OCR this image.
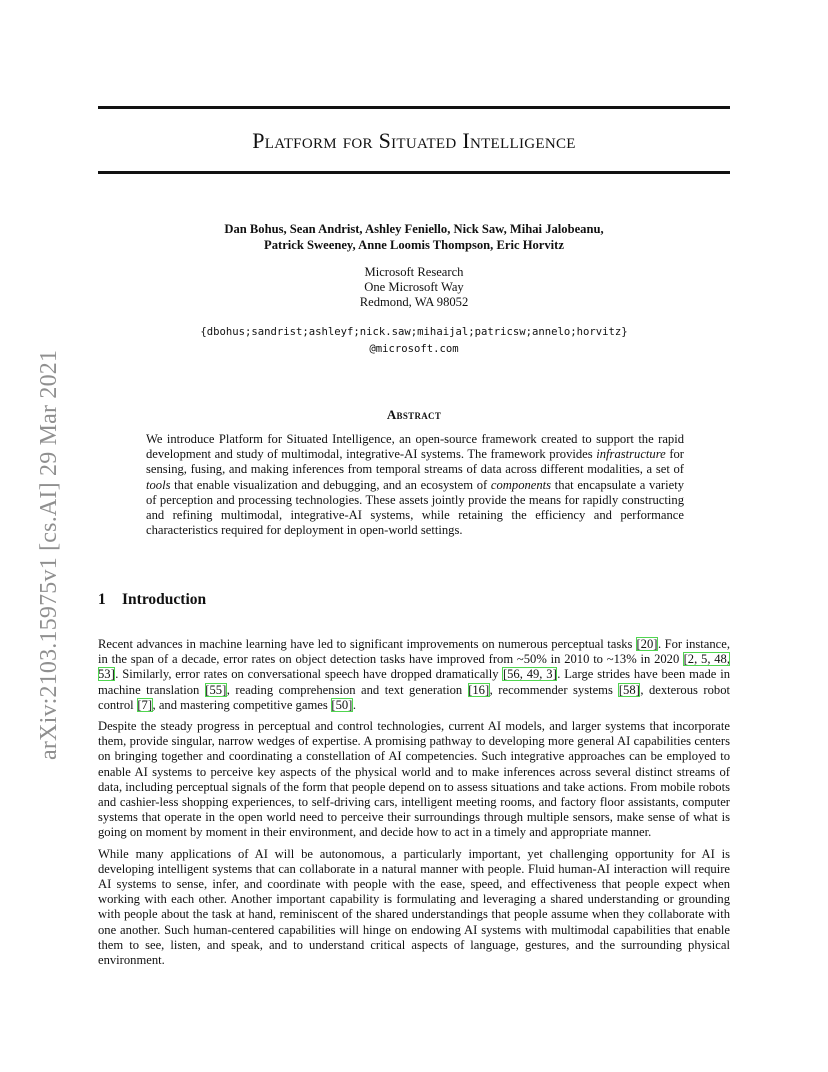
arXiv:2103.15975v1 [cs.AI] 29 Mar 2021
Platform for Situated Intelligence
Dan Bohus, Sean Andrist, Ashley Feniello, Nick Saw, Mihai Jalobeanu,
Patrick Sweeney, Anne Loomis Thompson, Eric Horvitz
Microsoft Research
One Microsoft Way
Redmond, WA 98052
{dbohus;sandrist;ashleyf;nick.saw;mihaijal;patricsw;annelo;horvitz}
@microsoft.com
Abstract
We introduce Platform for Situated Intelligence, an open-source framework created to support the rapid development and study of multimodal, integrative-AI systems. The framework provides infrastructure for sensing, fusing, and making inferences from temporal streams of data across different modalities, a set of tools that enable visualization and debugging, and an ecosystem of components that encapsulate a variety of perception and processing technologies. These assets jointly provide the means for rapidly constructing and refining multimodal, integrative-AI systems, while retaining the efficiency and performance characteristics required for deployment in open-world settings.
1 Introduction

Recent advances in machine learning have led to significant improvements on numerous perceptual tasks [20]. For instance, in the span of a decade, error rates on object detection tasks have improved from ~50% in 2010 to ~13% in 2020 [2, 5, 48, 53]. Similarly, error rates on conversational speech have dropped dramatically [56, 49, 3]. Large strides have been made in machine translation [55], reading comprehension and text generation [16], recommender systems [58], dexterous robot control [7], and mastering competitive games [50].

Despite the steady progress in perceptual and control technologies, current AI models, and larger systems that incorporate them, provide singular, narrow wedges of expertise. A promising pathway to developing more general AI capabilities centers on bringing together and coordinating a constellation of AI competencies. Such integrative approaches can be employed to enable AI systems to perceive key aspects of the physical world and to make inferences across several distinct streams of data, including perceptual signals of the form that people depend on to assess situations and take actions. From mobile robots and cashier-less shopping experiences, to self-driving cars, intelligent meeting rooms, and factory floor assistants, computer systems that operate in the open world need to perceive their surroundings through multiple sensors, make sense of what is going on moment by moment in their environment, and decide how to act in a timely and appropriate manner.

While many applications of AI will be autonomous, a particularly important, yet challenging opportunity for AI is developing intelligent systems that can collaborate in a natural manner with people. Fluid human-AI interaction will require AI systems to sense, infer, and coordinate with people with the ease, speed, and effectiveness that people expect when working with each other. Another important capability is formulating and leveraging a shared understanding or grounding with people about the task at hand, reminiscent of the shared understandings that people assume when they collaborate with one another. Such human-centered capabilities will hinge on endowing AI systems with multimodal capabilities that enable them to see, listen, and speak, and to understand critical aspects of language, gestures, and the surrounding physical environment.
